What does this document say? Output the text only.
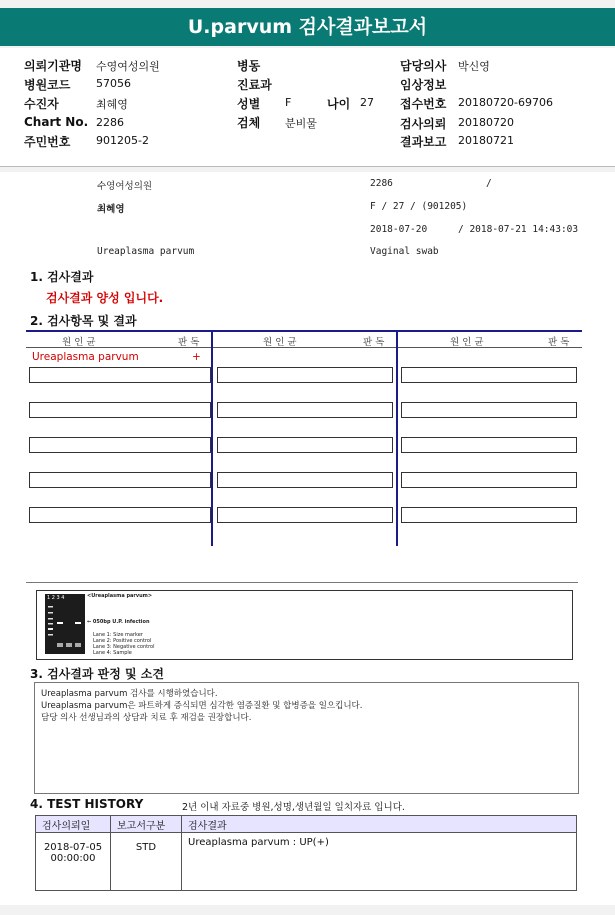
U.parvum 검사결과보고서
의뢰기관명 수영여성의원
병원코드 57056
수진자	최혜영
Chart No. 2286
주민번호 901205-2
병동
진료과
성별 F	나이 27
검체 분비물
담당의사 박신영
임상정보
접수번호 20180720-69706
검사의뢰 20180720
결과보고 20180721
수영여성의원	2286	/
최혜영	F / 27 / (901205)
2018-07-20	/ 2018-07-21 14:43:03
Ureaplasma parvum	Vaginal swab
1. 검사결과
검사결과 양성 입니다.
2. 검사항목 및 결과
원 인 균	판 독	원 인 균	판 독	원 인 균	판 독
Ureaplasma parvum	+
1 2 3 4	<Ureaplasma parvum>
← 050bp U.P. infection
Lane 1: Size marker
Lane 2: Positive control
Lane 3: Negative control
Lane 4: Sample
3. 검사결과 판정 및 소견
Ureaplasma parvum 검사를 시행하였습니다.
Ureaplasma parvum은 파트하게 증식되면 심각한 염증질환 및 합병증을 일으킵니다.
담당 의사 선생님과의 상담과 치료 후 재검을 권장합니다.
4. TEST HISTORY	2년 이내 자료중 병원,성명,생년월일 일치자료 입니다.
검사의뢰일	보고서구분	검사결과

2018-07-05
00:00:00	STD	Ureaplasma parvum : UP(+)
